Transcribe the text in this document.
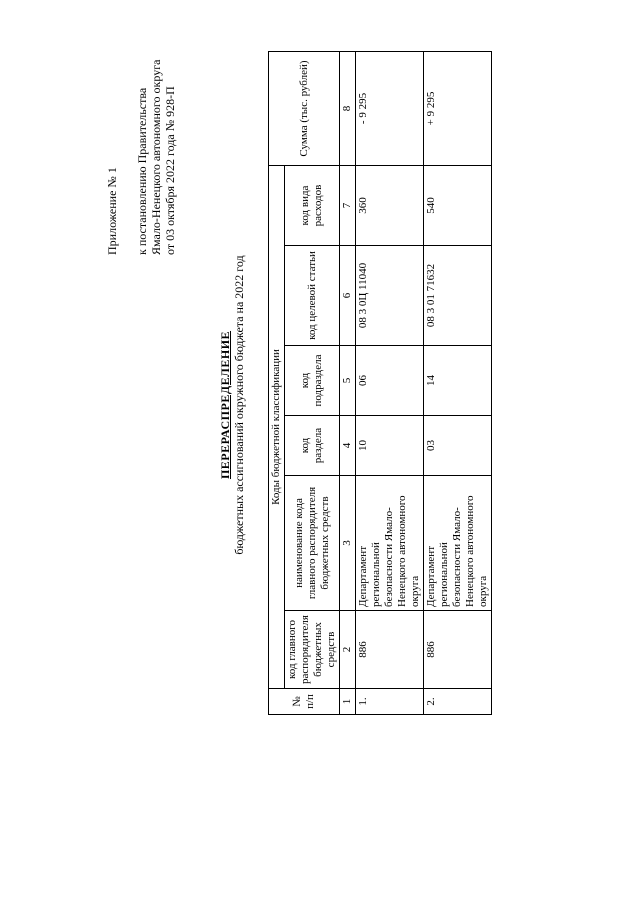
Приложение № 1 к постановлению Правительства Ямало-Ненецкого автономного округа от 03 октября 2022 года № 928-П
ПЕРЕРАСПРЕДЕЛЕНИЕ бюджетных ассигнований окружного бюджета на 2022 год
№ п/п	Коды бюджетной классификации						Сумма (тыс. рублей)
	код главного распорядителя бюджетных средств	наименование кода главного распорядителя бюджетных средств	код раздела	код подраздела	код целевой статьи	код вида расходов	
1	2	3	4	5	6	7	8
1.	886	Департамент региональной безопасности Ямало-Ненецкого автономного округа	10	06	08 3 0Ц 11040	360	- 9 295
2.	886	Департамент региональной безопасности Ямало-Ненецкого автономного округа	03	14	08 3 01 71632	540	+ 9 295
